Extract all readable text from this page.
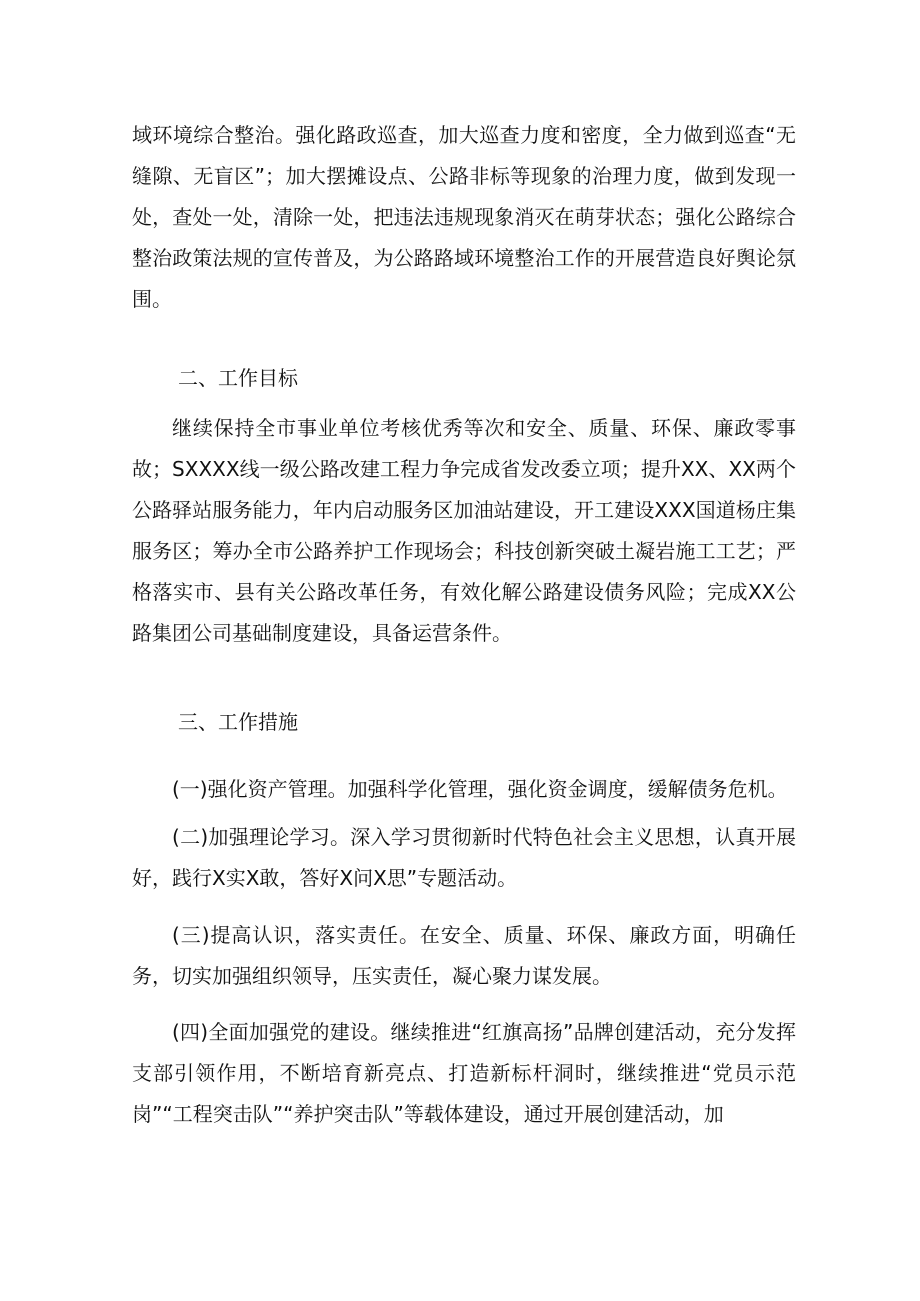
域环境综合整治。强化路政巡查，加大巡查力度和密度，全力做到巡查“无缝隙、无盲区”；加大摆摊设点、公路非标等现象的治理力度，做到发现一处，查处一处，清除一处，把违法违规现象消灭在萌芽状态；强化公路综合整治政策法规的宣传普及，为公路路域环境整治工作的开展营造良好舆论氛围。

二、工作目标

继续保持全市事业单位考核优秀等次和安全、质量、环保、廉政零事故；SXXXX线一级公路改建工程力争完成省发改委立项；提升XX、XX两个公路驿站服务能力，年内启动服务区加油站建设，开工建设XXX国道杨庄集服务区；筹办全市公路养护工作现场会；科技创新突破土凝岩施工工艺；严格落实市、县有关公路改革任务，有效化解公路建设债务风险；完成XX公路集团公司基础制度建设，具备运营条件。

三、工作措施

(一)强化资产管理。加强科学化管理，强化资金调度，缓解债务危机。

(二)加强理论学习。深入学习贯彻新时代特色社会主义思想，认真开展好，践行X实X敢，答好X问X思”专题活动。

(三)提高认识，落实责任。在安全、质量、环保、廉政方面，明确任务，切实加强组织领导，压实责任，凝心聚力谋发展。

(四)全面加强党的建设。继续推进“红旗高扬”品牌创建活动，充分发挥支部引领作用，不断培育新亮点、打造新标杆洞时，继续推进“党员示范岗”“工程突击队”“养护突击队”等载体建设，通过开展创建活动，加
